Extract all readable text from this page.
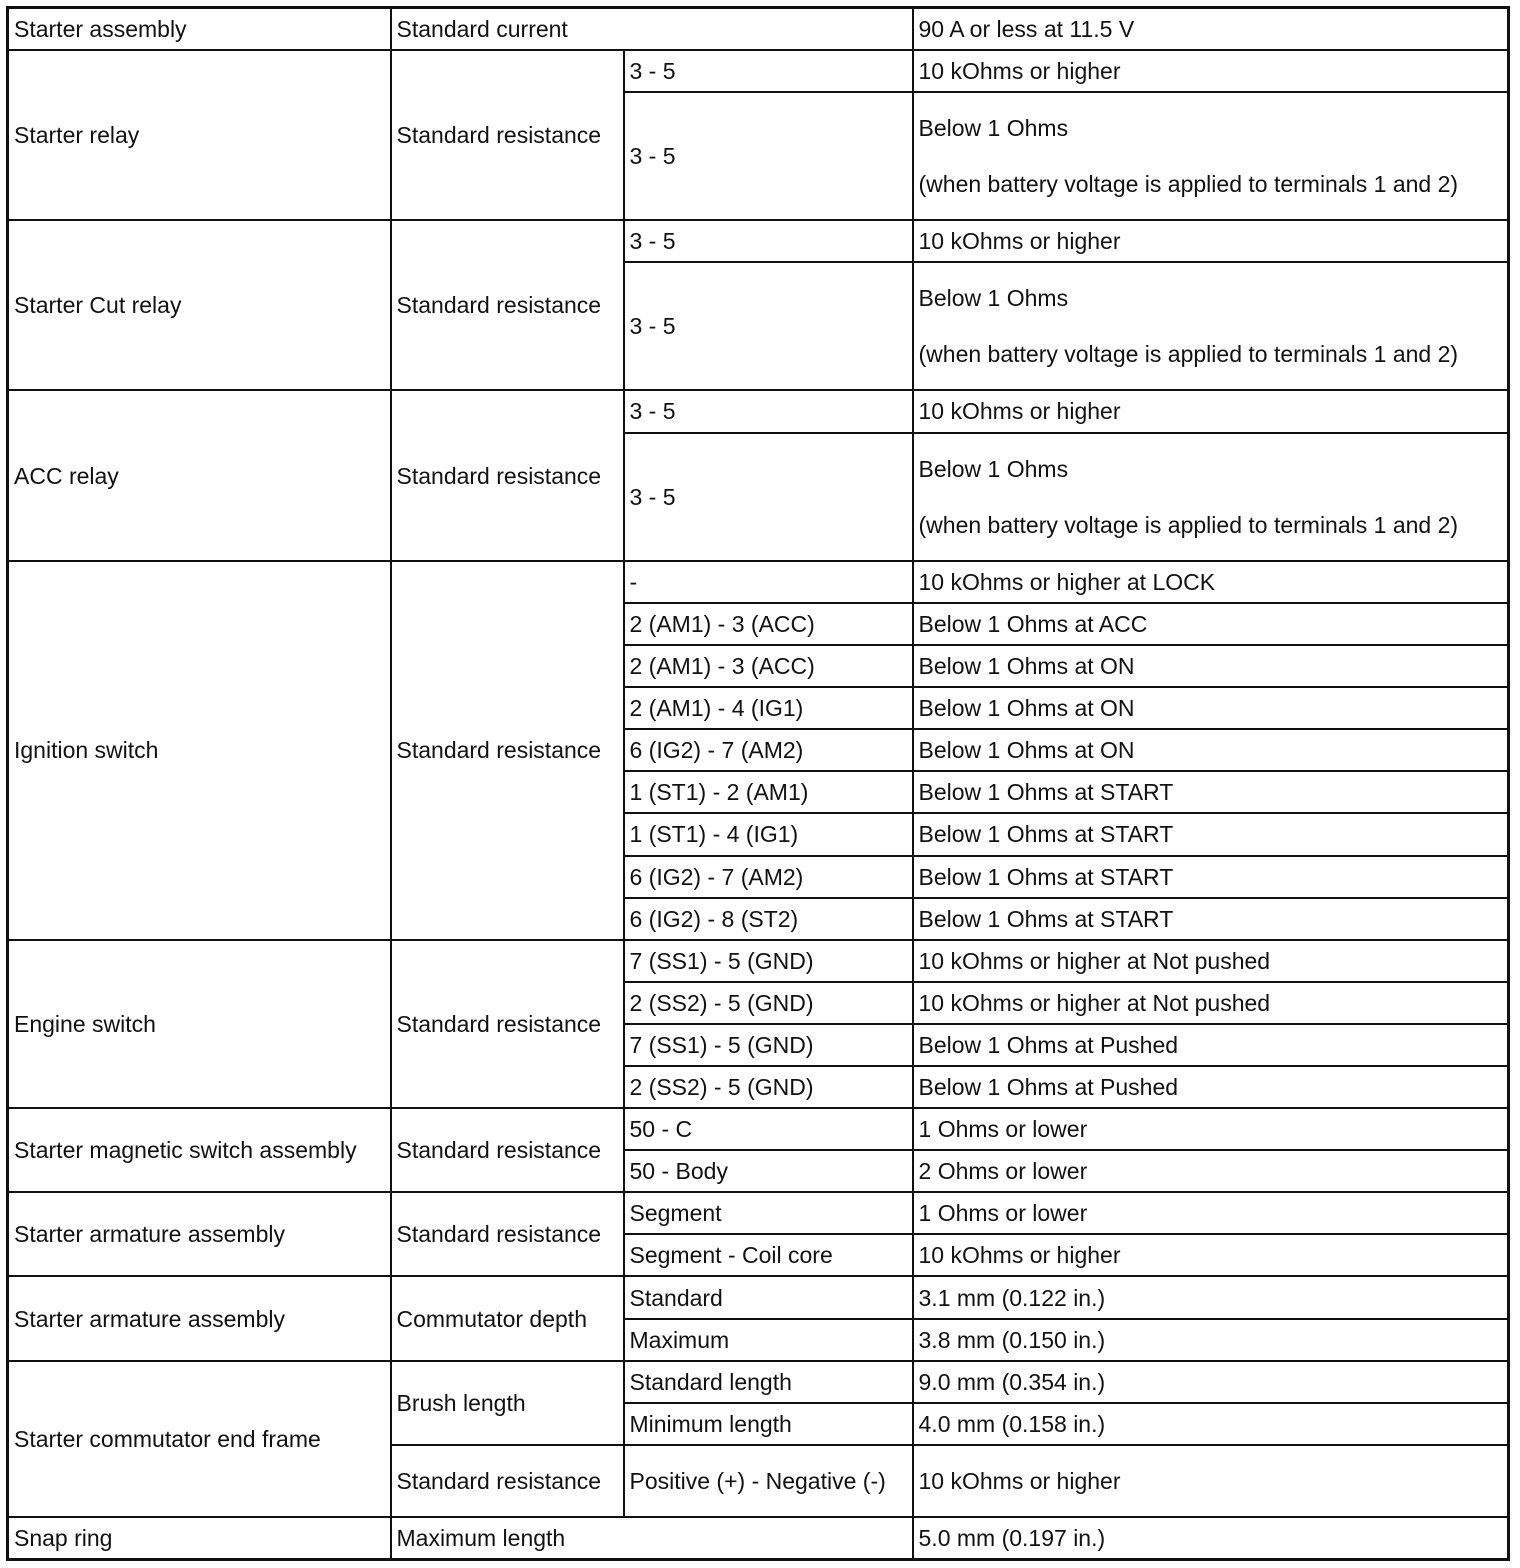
Starter assembly	Standard current		90 A or less at 11.5 V
Starter relay	Standard resistance	3 - 5	10 kOhms or higher
		3 - 5	Below 1 Ohms
(when battery voltage is applied to terminals 1 and 2)

Starter Cut relay	Standard resistance	3 - 5	10 kOhms or higher
		3 - 5	Below 1 Ohms
(when battery voltage is applied to terminals 1 and 2)

ACC relay	Standard resistance	3 - 5	10 kOhms or higher
		3 - 5	Below 1 Ohms
(when battery voltage is applied to terminals 1 and 2)

Ignition switch	Standard resistance	-	10 kOhms or higher at LOCK
		2 (AM1) - 3 (ACC)	Below 1 Ohms at ACC
		2 (AM1) - 3 (ACC)	Below 1 Ohms at ON
		2 (AM1) - 4 (IG1)	Below 1 Ohms at ON
		6 (IG2) - 7 (AM2)	Below 1 Ohms at ON
		1 (ST1) - 2 (AM1)	Below 1 Ohms at START
		1 (ST1) - 4 (IG1)	Below 1 Ohms at START
		6 (IG2) - 7 (AM2)	Below 1 Ohms at START
		6 (IG2) - 8 (ST2)	Below 1 Ohms at START
Engine switch	Standard resistance	7 (SS1) - 5 (GND)	10 kOhms or higher at Not pushed
		2 (SS2) - 5 (GND)	10 kOhms or higher at Not pushed
		7 (SS1) - 5 (GND)	Below 1 Ohms at Pushed
		2 (SS2) - 5 (GND)	Below 1 Ohms at Pushed
Starter magnetic switch assembly	Standard resistance	50 - C	1 Ohms or lower
		50 - Body	2 Ohms or lower
Starter armature assembly	Standard resistance	Segment	1 Ohms or lower
		Segment - Coil core	10 kOhms or higher
Starter armature assembly	Commutator depth	Standard	3.1 mm (0.122 in.)
		Maximum	3.8 mm (0.150 in.)
Starter commutator end frame	Brush length	Standard length	9.0 mm (0.354 in.)
		Minimum length	4.0 mm (0.158 in.)
	Standard resistance	Positive (+) - Negative (-)	10 kOhms or higher
Snap ring	Maximum length		5.0 mm (0.197 in.)
